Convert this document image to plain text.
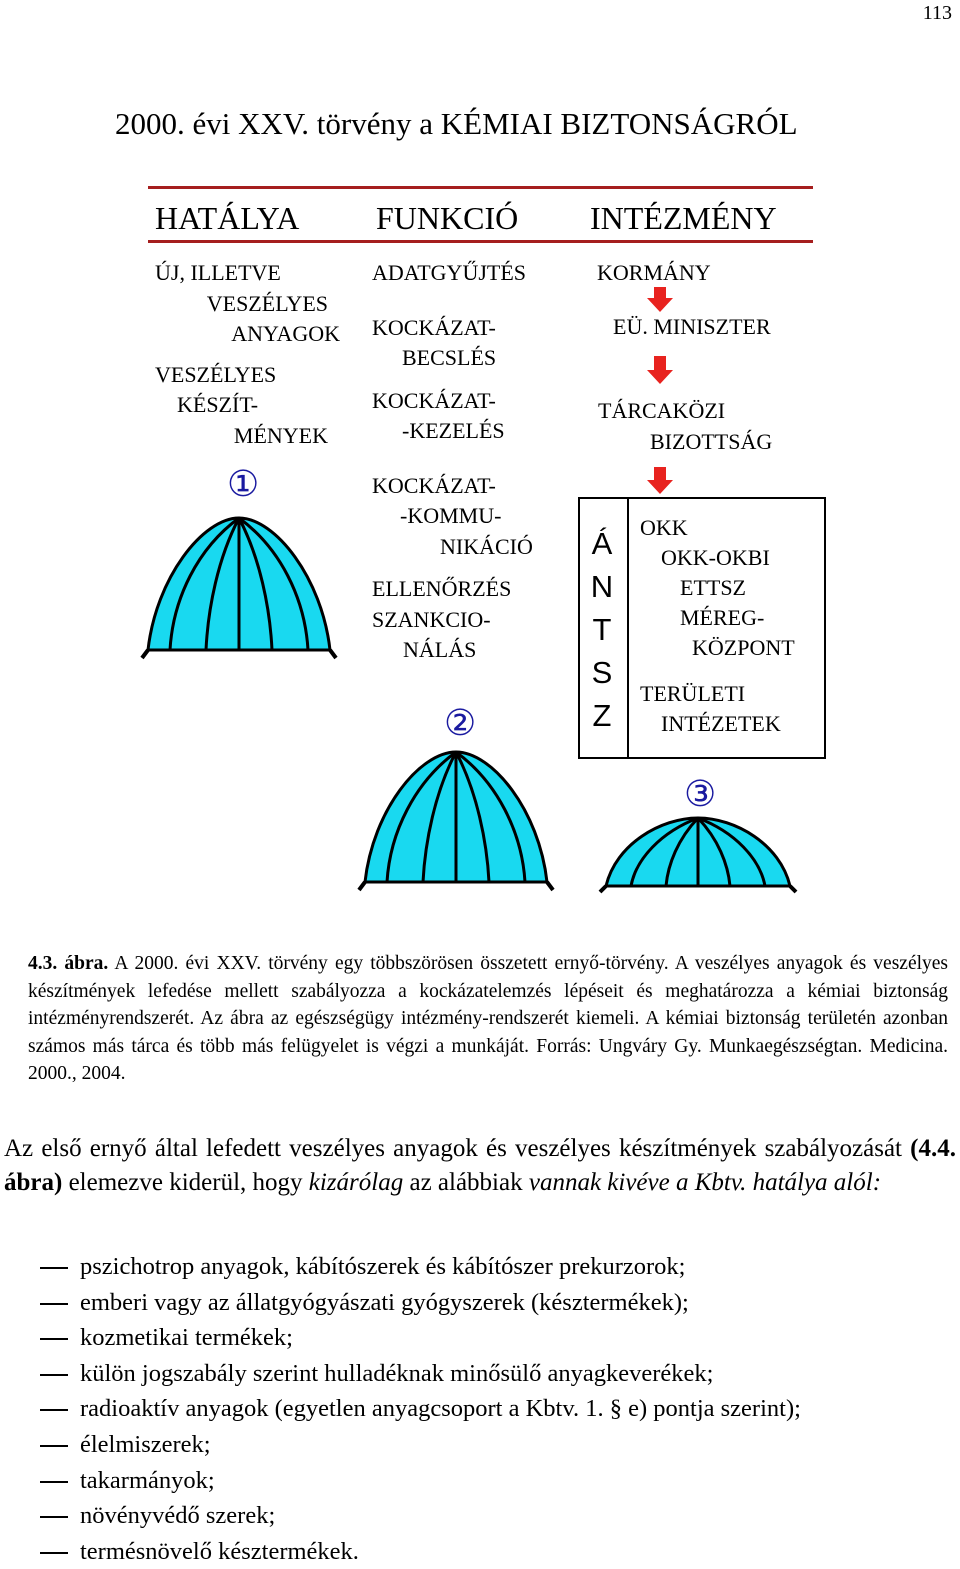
113
2000. évi XXV. törvény a KÉMIAI BIZTONSÁGRÓL
HATÁLYA FUNKCIÓ INTÉZMÉNY
ÚJ, ILLETVE
VESZÉLYES
ANYAGOK
VESZÉLYES
KÉSZÍT-
MÉNYEK
①
ADATGYŰJTÉS
KOCKÁZAT-
BECSLÉS
KOCKÁZAT-
-KEZELÉS
KOCKÁZAT-
-KOMMU-
NIKÁCIÓ
ELLENŐRZÉS
SZANKCIO-
NÁLÁS
②
KORMÁNY
EÜ. MINISZTER
TÁRCAKÖZI
BIZOTTSÁG
Á
N
T
S
Z
OKK
OKK-OKBI
ETTSZ
MÉREG-
KÖZPONT
TERÜLETI
INTÉZETEK
③
4.3. ábra. A 2000. évi XXV. törvény egy többszörösen összetett ernyő-törvény. A veszélyes anyagok és veszélyes készítmények lefedése mellett szabályozza a kockázatelemzés lépéseit és meghatározza a kémiai biztonság intézményrendszerét. Az ábra az egészségügy intézmény-rendszerét kiemeli. A kémiai biztonság területén azonban számos más tárca és több más felügyelet is végzi a munkáját. Forrás: Ungváry Gy. Munkaegészségtan. Medicina. 2000., 2004.
Az első ernyő által lefedett veszélyes anyagok és veszélyes készítmények szabályozását (4.4. ábra) elemezve kiderül, hogy kizárólag az alábbiak vannak kivéve a Kbtv. hatálya alól:
pszichotrop anyagok, kábítószerek és kábítószer prekurzorok;
emberi vagy az állatgyógyászati gyógyszerek (késztermékek);
kozmetikai termékek;
külön jogszabály szerint hulladéknak minősülő anyagkeverékek;
radioaktív anyagok (egyetlen anyagcsoport a Kbtv. 1. § e) pontja szerint);
élelmiszerek;
takarmányok;
növényvédő szerek;
termésnövelő késztermékek.
